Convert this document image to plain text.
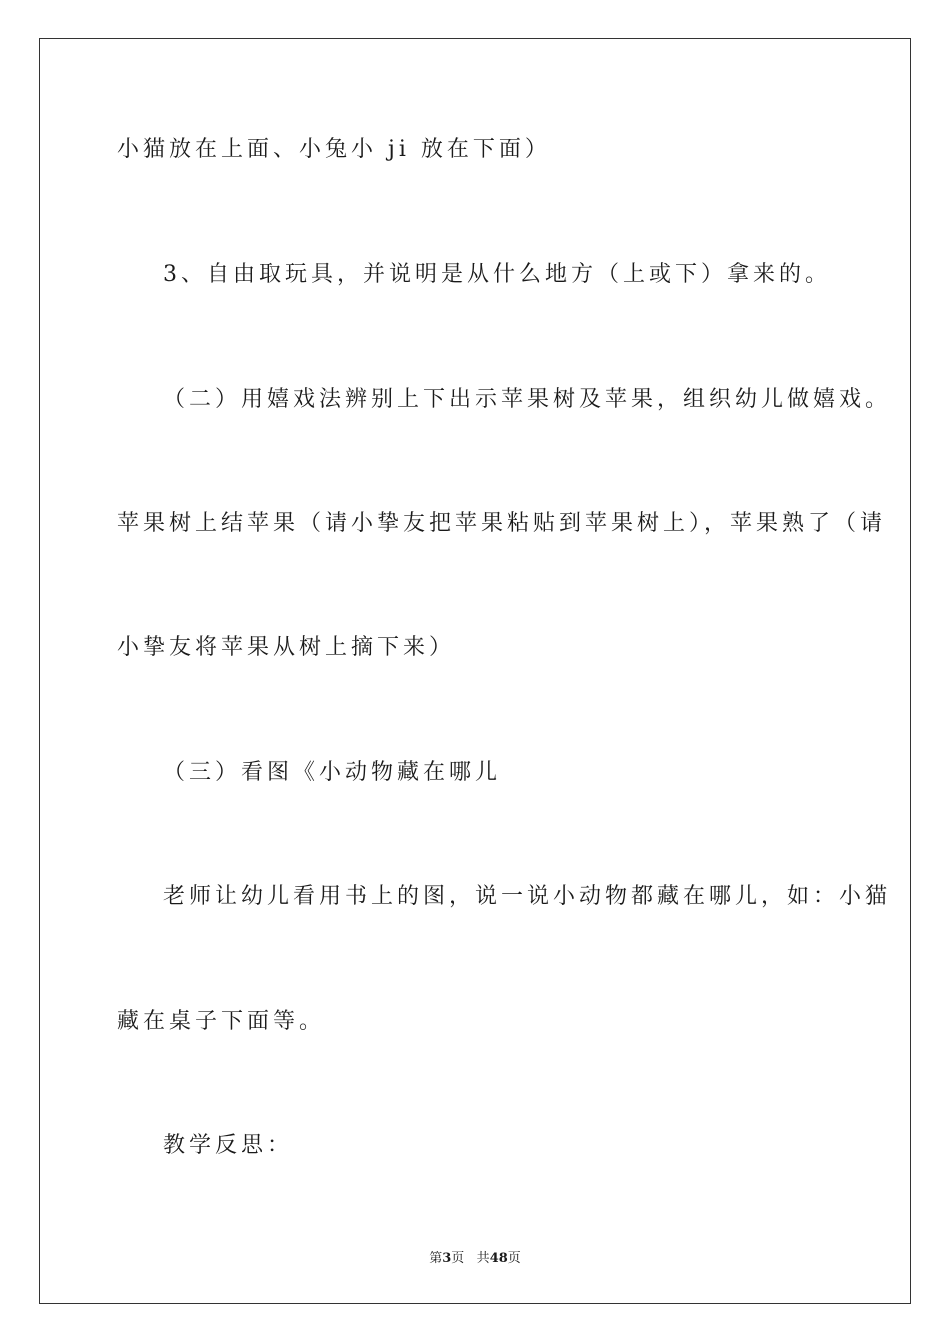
小猫放在上面、小兔小 ji 放在下面）
3、自由取玩具，并说明是从什么地方（上或下）拿来的。
（二）用嬉戏法辨别上下出示苹果树及苹果，组织幼儿做嬉戏。
苹果树上结苹果（请小挚友把苹果粘贴到苹果树上），苹果熟了（请
小挚友将苹果从树上摘下来）
（三）看图《小动物藏在哪儿
老师让幼儿看用书上的图，说一说小动物都藏在哪儿，如：小猫
藏在桌子下面等。
教学反思：
第3页 共48页
